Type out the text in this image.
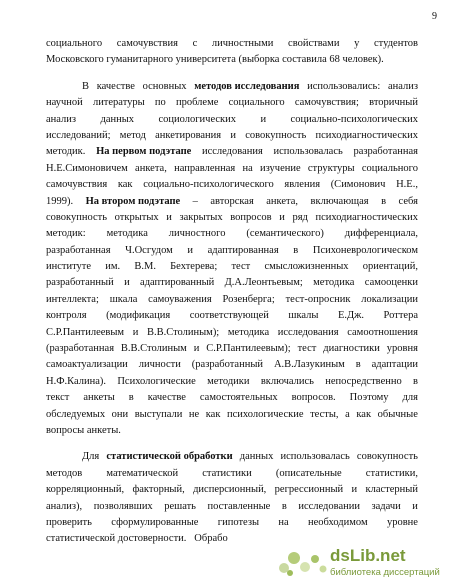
9
социального самочувствия с личностными свойствами у студентов
Московского гуманитарного университета (выборка составила 68 человек).
В качестве основных методов исследования использовались: анализ
научной литературы по проблеме социального самочувствия; вторичный
анализ данных социологических и социально-психологических
исследований; метод анкетирования и совокупность психодиагностических
методик. На первом подэтапе исследования использовалась разработанная
Н.Е.Симоновичем анкета, направленная на изучение структуры социального
самочувствия как социально-психологического явления (Симонович Н.Е.,
1999). На втором подэтапе – авторская анкета, включающая в себя
совокупность открытых и закрытых вопросов и ряд психодиагностических
методик: методика личностного (семантического) дифференциала,
разработанная Ч.Осгудом и адаптированная в Психоневрологическом
институте им. В.М. Бехтерева; тест смысложизненных ориентаций,
разработанный и адаптированный Д.А.Леонтьевым; методика самооценки
интеллекта; шкала самоуважения Розенберга; тест-опросник локализации
контроля (модификация соответствующей шкалы Е.Дж. Роттера
С.Р.Пантилеевым и В.В.Столиным); методика исследования самоотношения
(разработанная В.В.Столиным и С.Р.Пантилеевым); тест диагностики уровня
самоактуализации личности (разработанный А.В.Лазукиным в адаптации
Н.Ф.Калина). Психологические методики включались непосредственно в
текст анкеты в качестве самостоятельных вопросов. Поэтому для
обследуемых они выступали не как психологические тесты, а как обычные
вопросы анкеты.
Для статистической обработки данных использовалась совокупность
методов математической статистики (описательные статистики,
корреляционный, факторный, дисперсионный, регрессионный и кластерный
анализ), позволявших решать поставленные в исследовании задачи и
проверить сформулированные гипотезы на необходимом уровне
статистической достоверности.   Обрабо
dsLib.net
библиотека диссертаций
